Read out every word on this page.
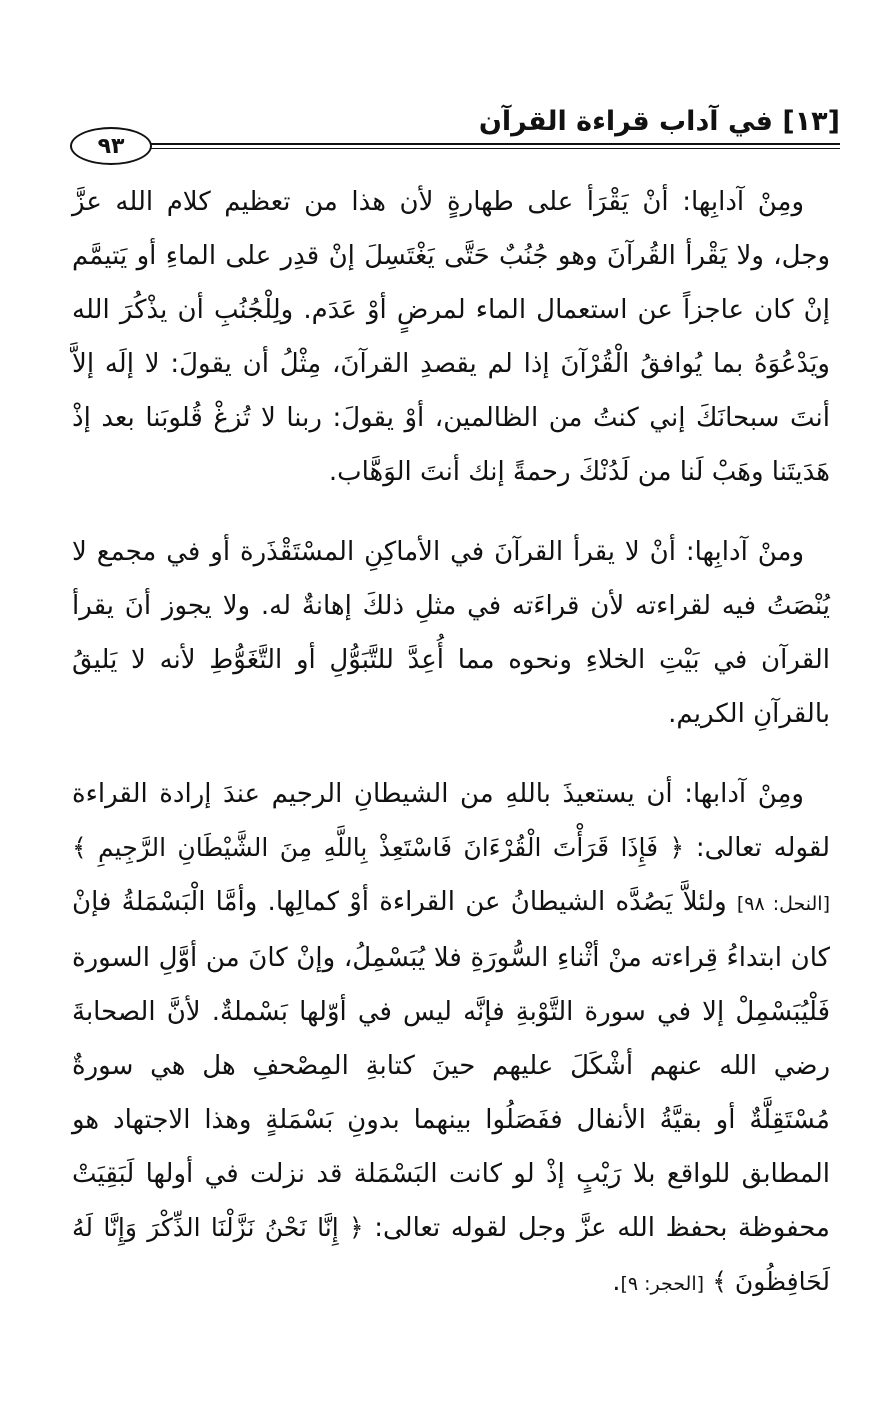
[١٣] في آداب قراءة القرآن
٩٣

ومِنْ آدابِها: أنْ يَقْرَأ على طهارةٍ لأن هذا من تعظيم كلام الله عزَّ وجل، ولا يَقْرأ القُرآنَ وهو جُنُبٌ حَتَّى يَغْتَسِلَ إنْ قدِر على الماءِ أو يَتيمَّم إنْ كان عاجزاً عن استعمال الماء لمرضٍ أوْ عَدَم. ولِلْجُنُبِ أن يذْكُرَ الله ويَدْعُوَهُ بما يُوافقُ الْقُرْآنَ إذا لم يقصدِ القرآنَ، مِثْلُ أن يقولَ: لا إلَه إلاَّ أنتَ سبحانَكَ إني كنتُ من الظالمين، أوْ يقولَ: ربنا لا تُزغْ قُلوبَنا بعد إذْ هَدَيتَنا وهَبْ لَنا من لَدُنْكَ رحمةً إنك أنتَ الوَهَّاب.

ومنْ آدابِها: أنْ لا يقرأ القرآنَ في الأماكِنِ المسْتَقْذَرة أو في مجمع لا يُنْصَتُ فيه لقراءته لأن قراءَته في مثلِ ذلكَ إهانةٌ له. ولا يجوز أنَ يقرأ القرآن في بَيْتِ الخلاءِ ونحوه مما أُعِدَّ للتَّبَوُّلِ أو التَّغَوُّطِ لأنه لا يَليقُ بالقرآنِ الكريم.

ومِنْ آدابها: أن يستعيذَ باللهِ من الشيطانِ الرجيم عندَ إرادة القراءة لقوله تعالى: ﴿ فَإِذَا قَرَأْتَ الْقُرْءَانَ فَاسْتَعِذْ بِاللَّهِ مِنَ الشَّيْطَانِ الرَّجِيمِ ﴾ [النحل: ٩٨] ولئلاَّ يَصُدَّه الشيطانُ عن القراءة أوْ كمالِها. وأمَّا الْبَسْمَلةُ فإنْ كان ابتداءُ قِراءته منْ أثْناءِ السُّورَةِ فلا يُبَسْمِلُ، وإنْ كانَ من أوَّلِ السورة فَلْيُبَسْمِلْ إلا في سورة التَّوْبةِ فإنَّه ليس في أوّلها بَسْملةٌ. لأنَّ الصحابةَ رضي الله عنهم أشْكَلَ عليهم حينَ كتابةِ المِصْحفِ هل هي سورةٌ مُسْتَقِلَّةٌ أو بقيَّةُ الأنفال ففَصَلُوا بينهما بدونِ بَسْمَلةٍ وهذا الاجتهاد هو المطابق للواقع بلا رَيْبٍ إذْ لو كانت البَسْمَلة قد نزلت في أولها لَبَقِيَتْ محفوظة بحفظ الله عزَّ وجل لقوله تعالى: ﴿ إِنَّا نَحْنُ نَزَّلْنَا الذِّكْرَ وَإِنَّا لَهُ لَحَافِظُونَ ﴾ [الحجر: ٩].
